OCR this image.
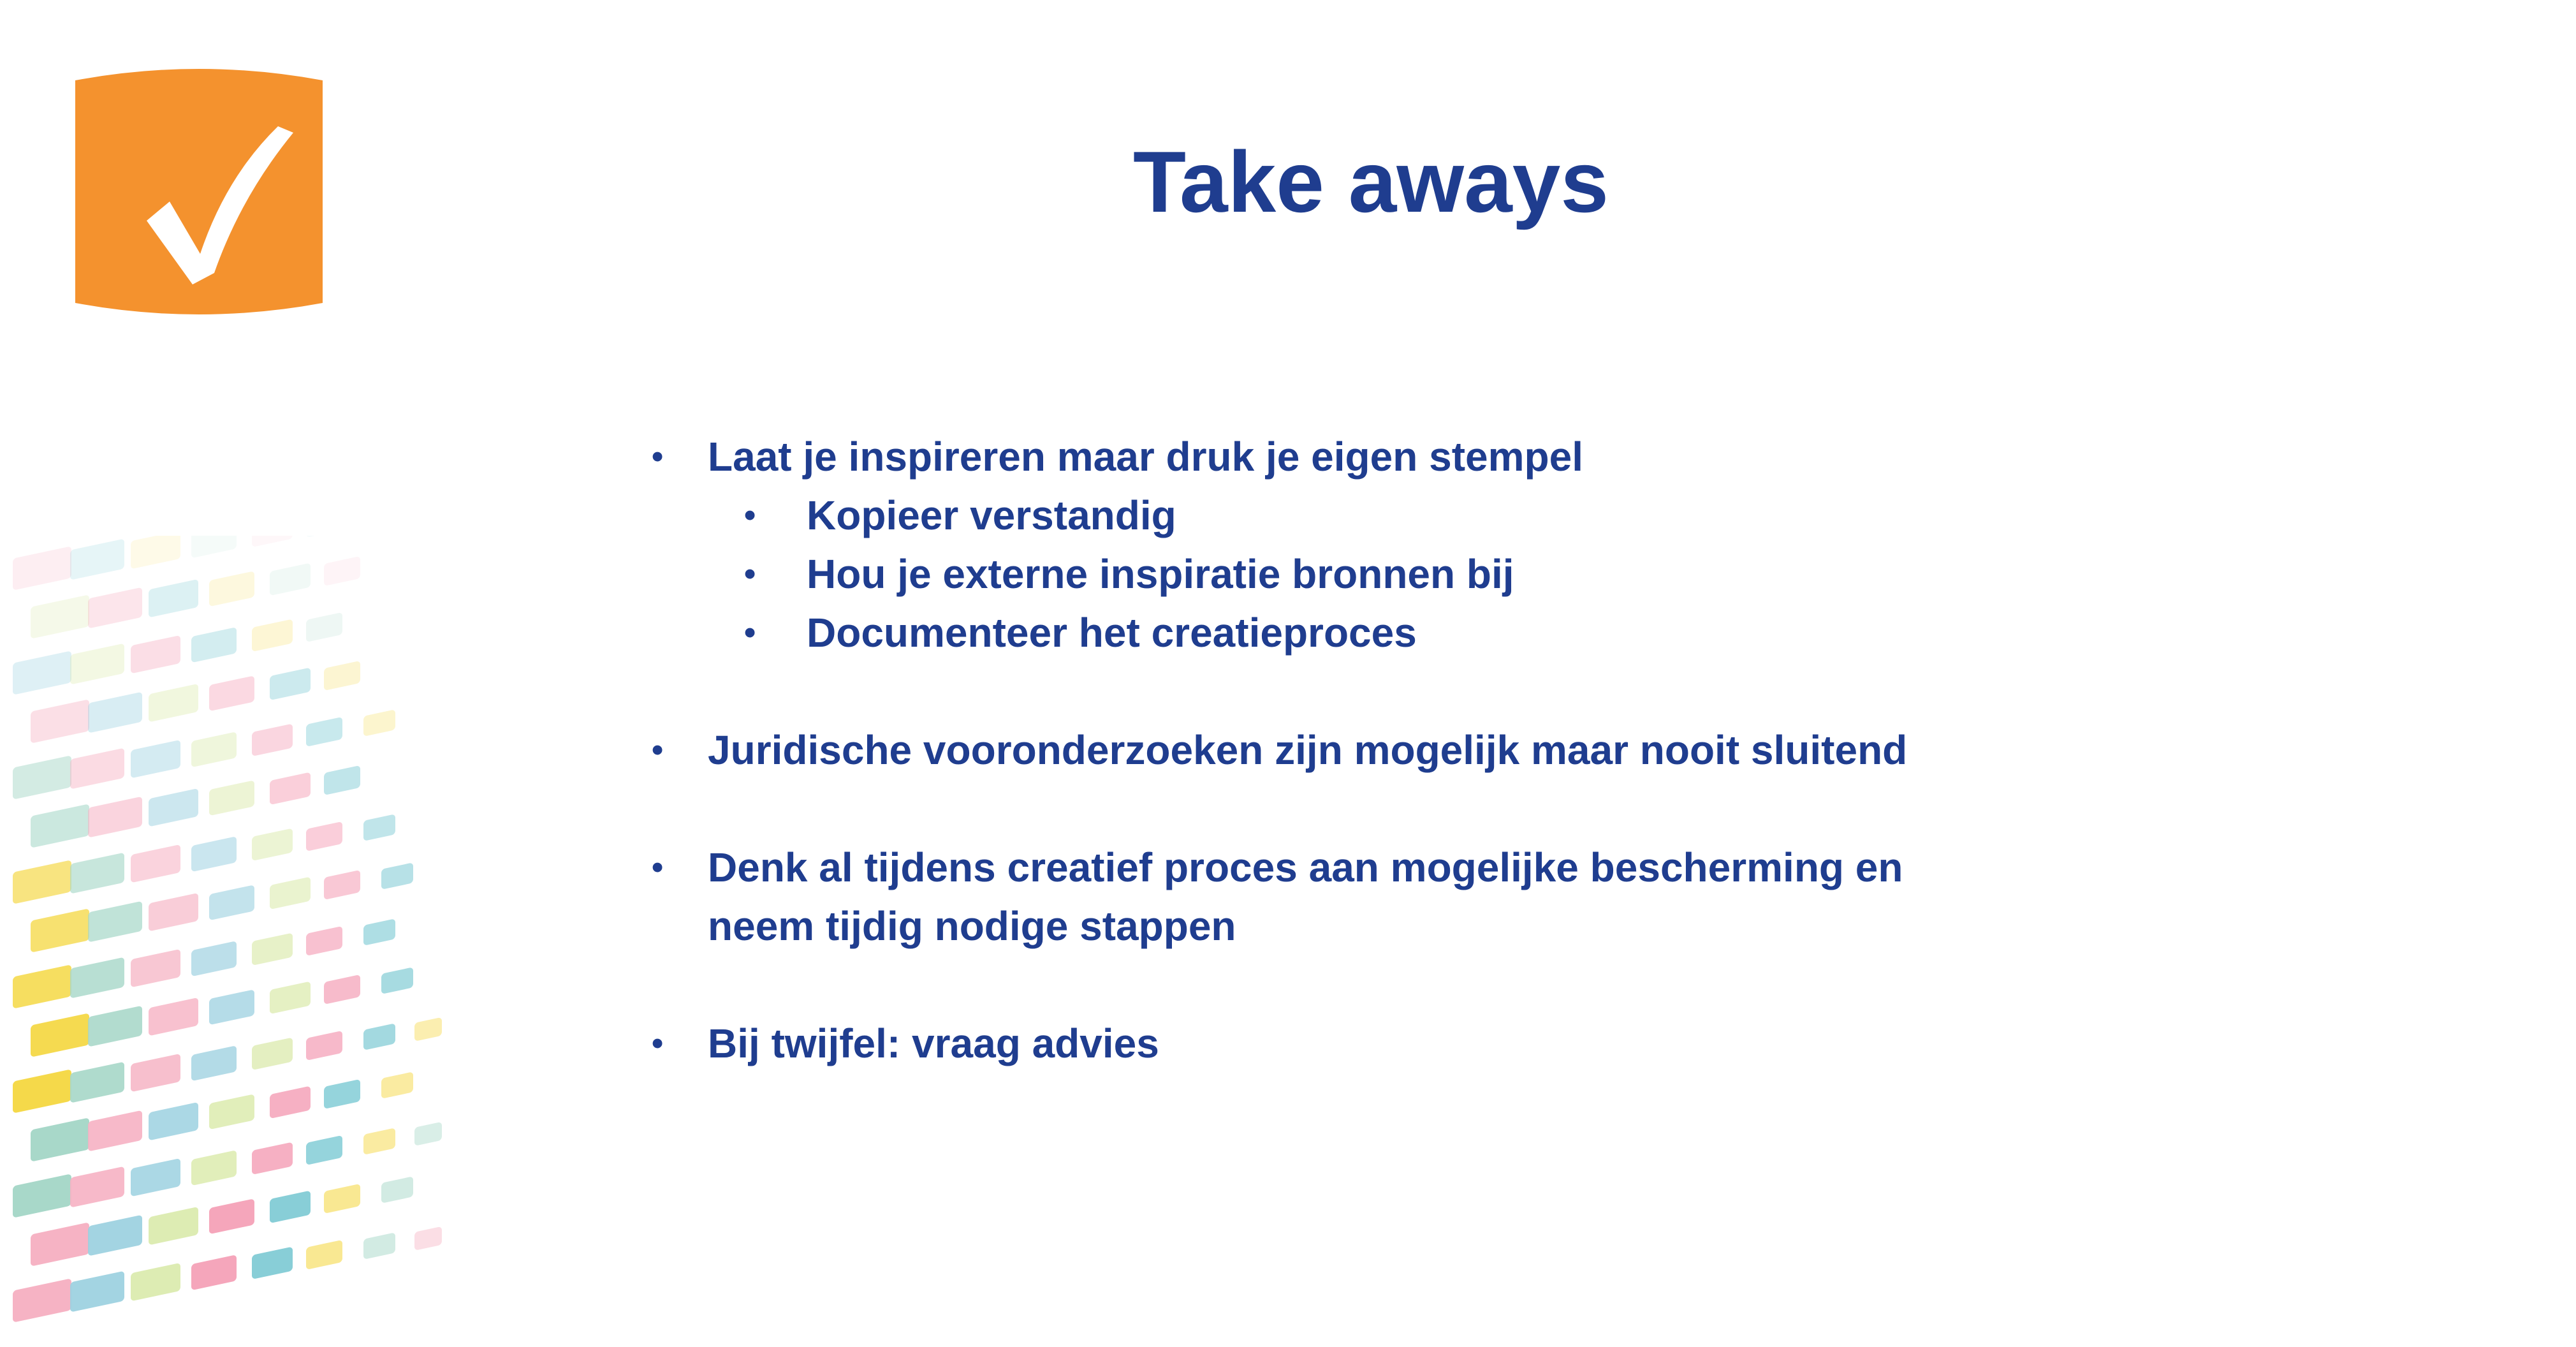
Take aways
• Laat je inspireren maar druk je eigen stempel
• Kopieer verstandig
• Hou je externe inspiratie bronnen bij
• Documenteer het creatieproces
• Juridische vooronderzoeken zijn mogelijk maar nooit sluitend
• Denk al tijdens creatief proces aan mogelijke bescherming en neem tijdig nodige stappen
• Bij twijfel: vraag advies
